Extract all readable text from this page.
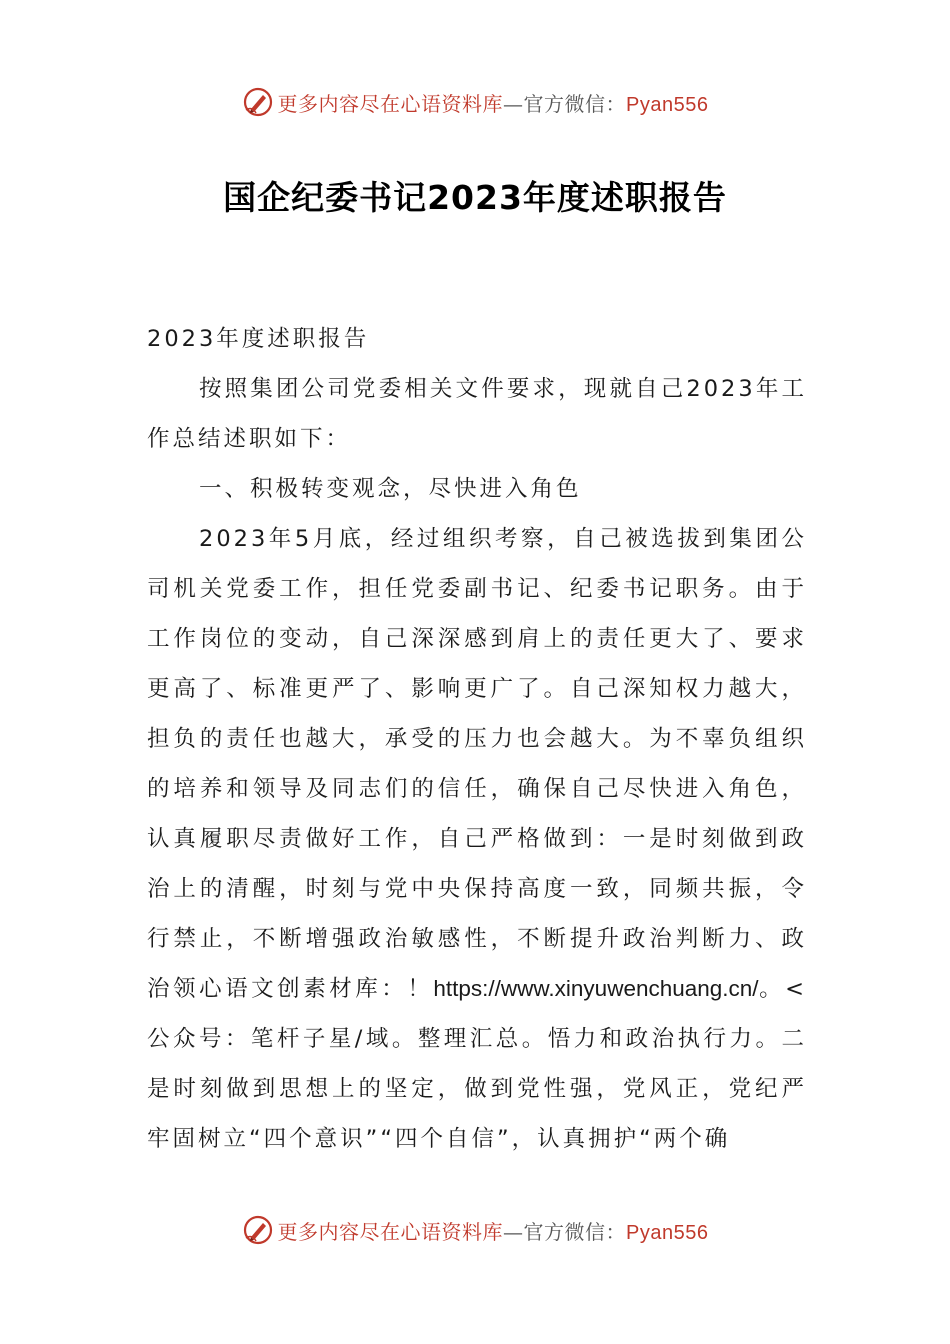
更多内容尽在心语资料库—官方微信：Pyan556
国企纪委书记2023年度述职报告

2023年度述职报告

按照集团公司党委相关文件要求，现就自己2023年工作总结述职如下：

一、积极转变观念，尽快进入角色

2023年5月底，经过组织考察，自己被选拔到集团公司机关党委工作，担任党委副书记、纪委书记职务。由于工作岗位的变动，自己深深感到肩上的责任更大了、要求更高了、标准更严了、影响更广了。自己深知权力越大，担负的责任也越大，承受的压力也会越大。为不辜负组织的培养和领导及同志们的信任，确保自己尽快进入角色，认真履职尽责做好工作，自己严格做到：一是时刻做到政治上的清醒，时刻与党中央保持高度一致，同频共振，令行禁止，不断增强政治敏感性，不断提升政治判断力、政治领心语文创素材库：！https://www.xinyuwenchuang.cn/。<公众号：笔杆子星/域。整理汇总。悟力和政治执行力。二是时刻做到思想上的坚定，做到党性强，党风正，党纪严牢固树立“四个意识”“四个自信”，认真拥护“两个确

更多内容尽在心语资料库—官方微信：Pyan556
